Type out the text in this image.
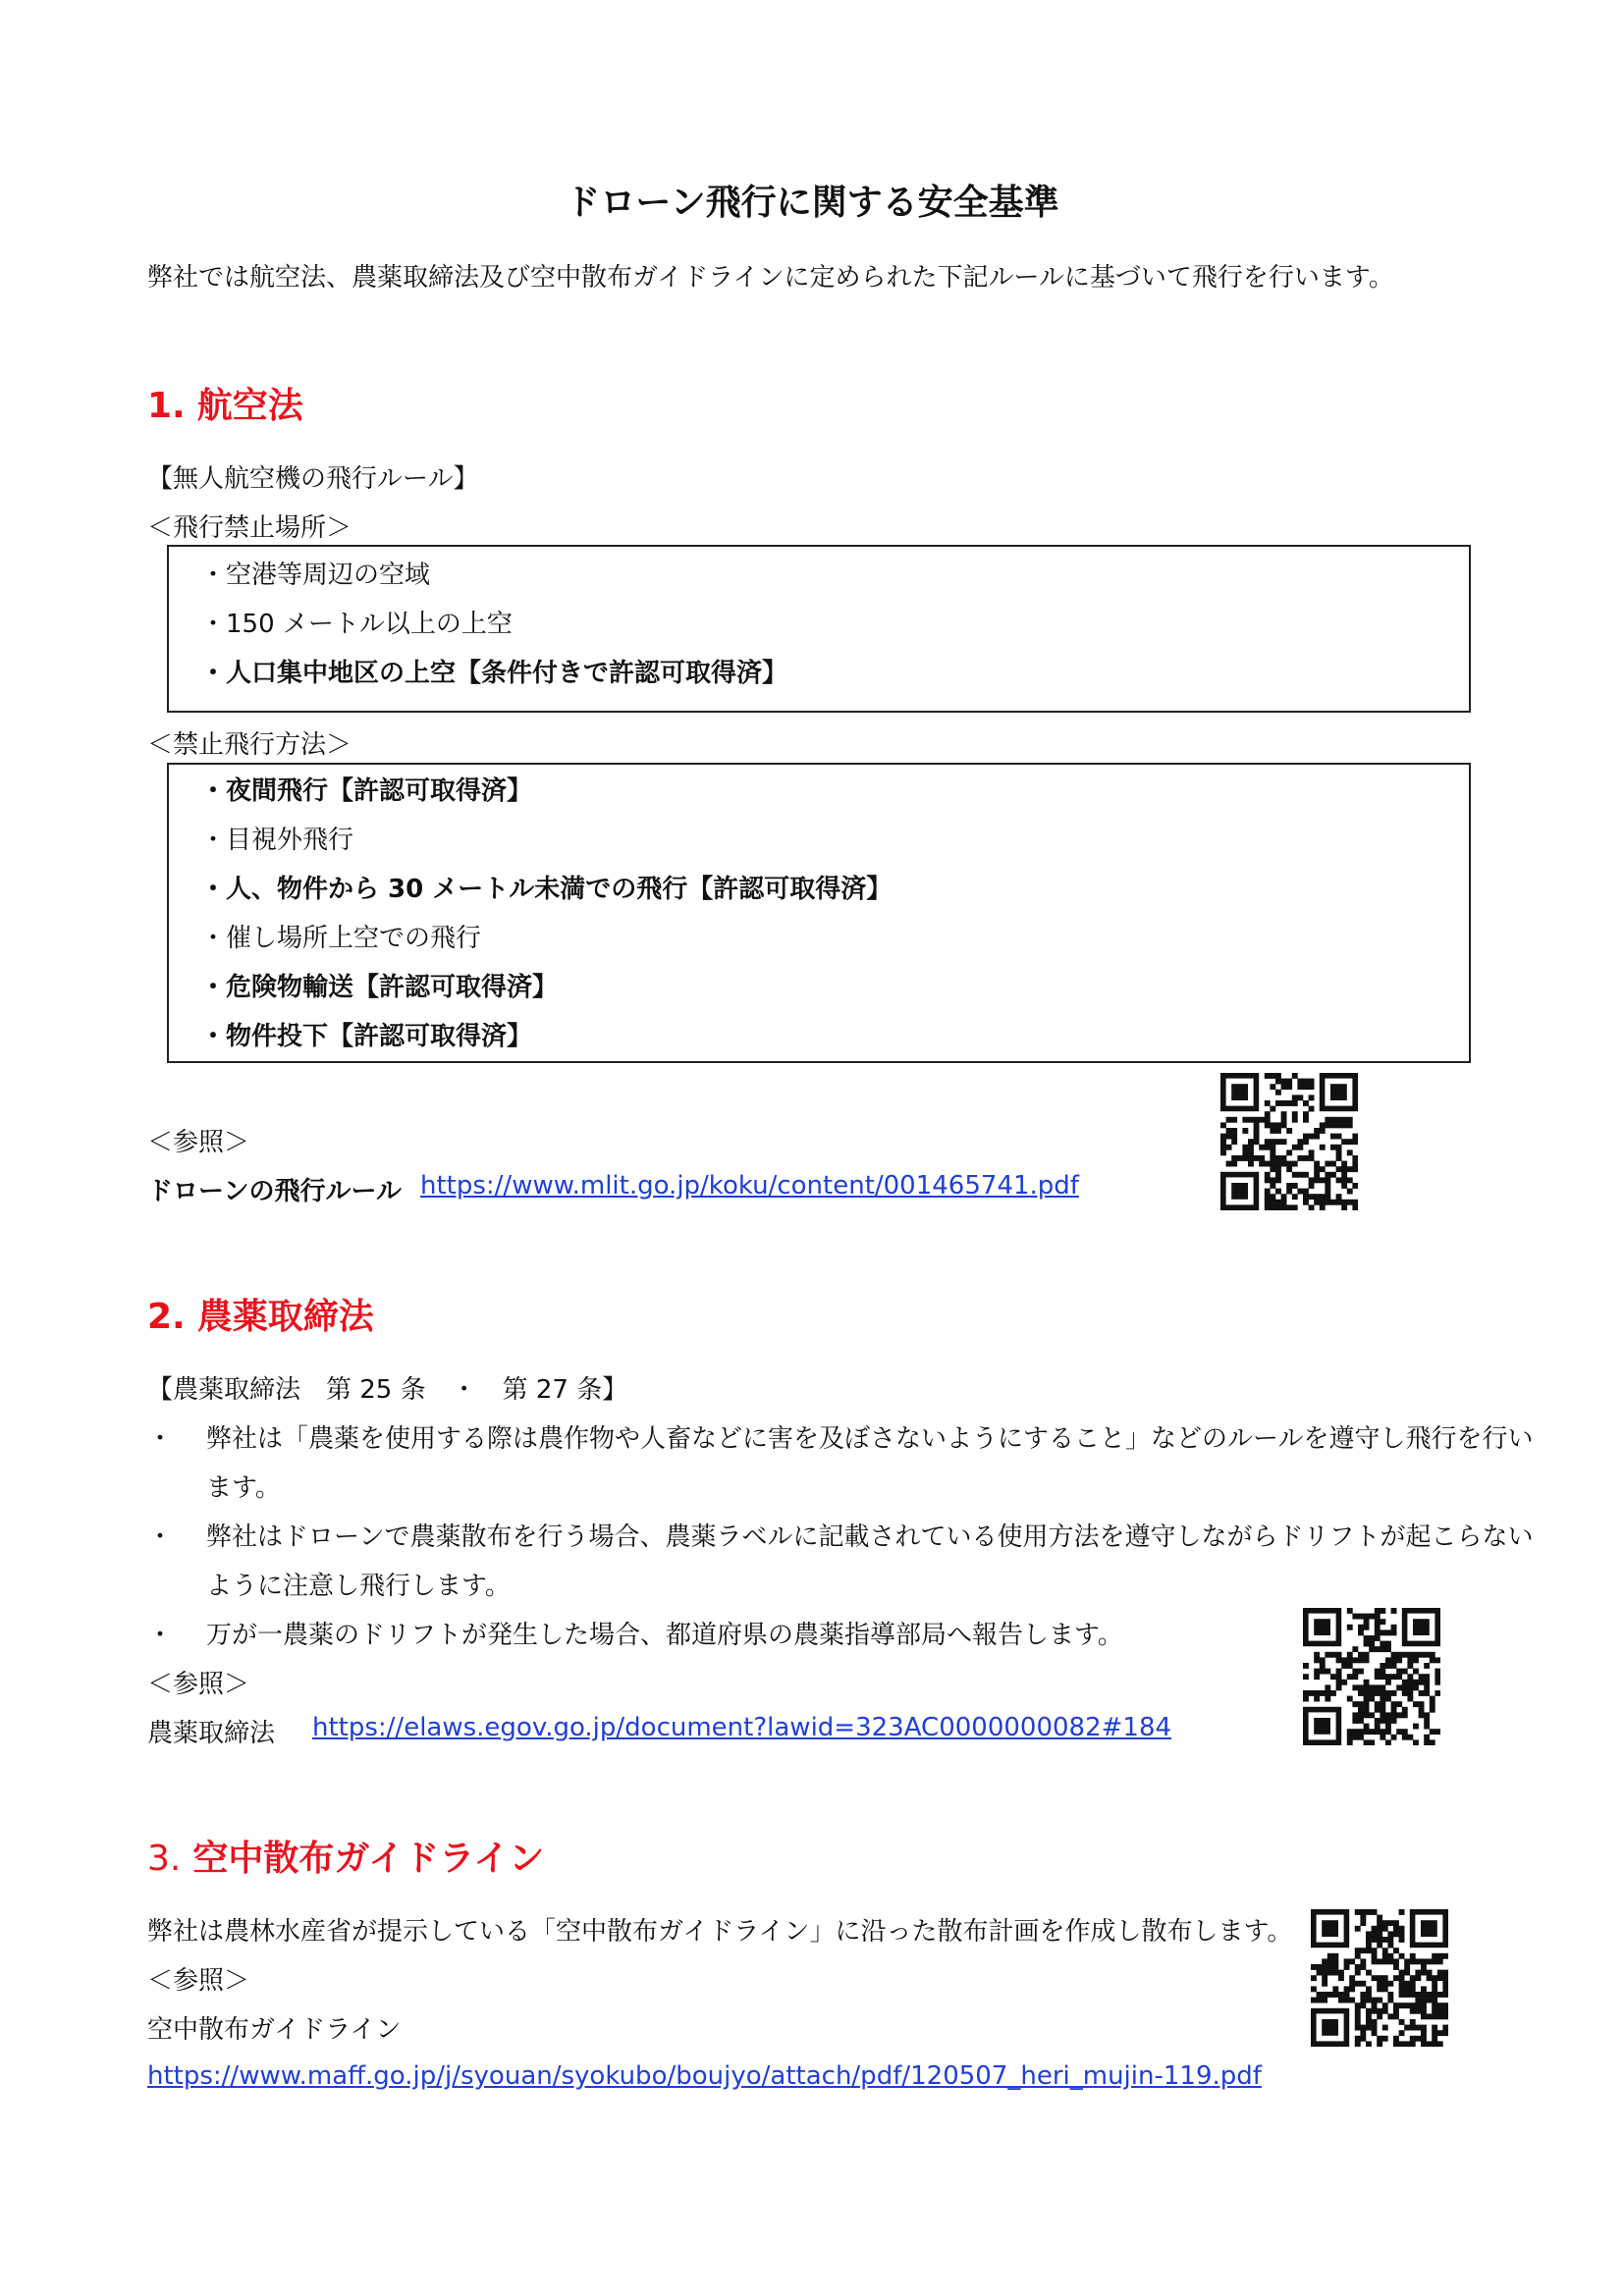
ドローン飛行に関する安全基準
弊社では航空法、農薬取締法及び空中散布ガイドラインに定められた下記ルールに基づいて飛行を行います。
1. 航空法
【無人航空機の飛行ルール】
＜飛行禁止場所＞
・空港等周辺の空域
・150 メートル以上の上空
・人口集中地区の上空【条件付きで許認可取得済】
＜禁止飛行方法＞
・夜間飛行【許認可取得済】
・目視外飛行
・人、物件から 30 メートル未満での飛行【許認可取得済】
・催し場所上空での飛行
・危険物輸送【許認可取得済】
・物件投下【許認可取得済】
＜参照＞
ドローンの飛行ルール https://www.mlit.go.jp/koku/content/001465741.pdf
2. 農薬取締法
【農薬取締法　第 25 条　・　第 27 条】
・ 弊社は「農薬を使用する際は農作物や人畜などに害を及ぼさないようにすること」などのルールを遵守し飛行を行い
ます。
・ 弊社はドローンで農薬散布を行う場合、農薬ラベルに記載されている使用方法を遵守しながらドリフトが起こらない
ように注意し飛行します。
・ 万が一農薬のドリフトが発生した場合、都道府県の農薬指導部局へ報告します。
＜参照＞
農薬取締法 https://elaws.egov.go.jp/document?lawid=323AC0000000082#184
3. 空中散布ガイドライン
弊社は農林水産省が提示している「空中散布ガイドライン」に沿った散布計画を作成し散布します。
＜参照＞
空中散布ガイドライン
https://www.maff.go.jp/j/syouan/syokubo/boujyo/attach/pdf/120507_heri_mujin-119.pdf
